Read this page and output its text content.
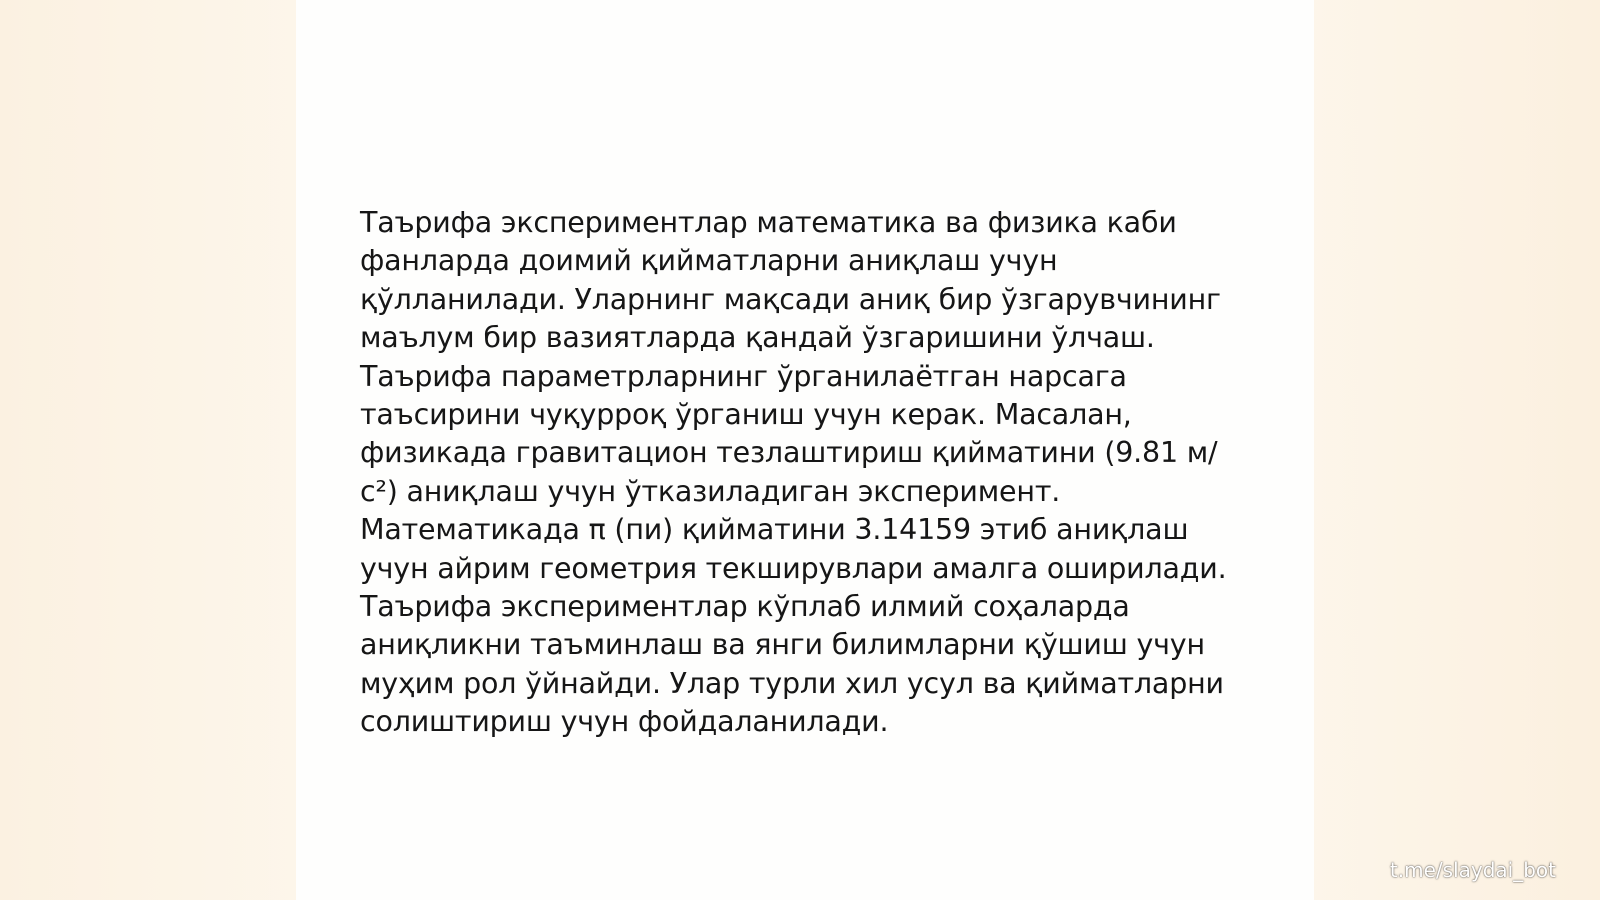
Таърифа экспериментлар математика ва физика каби фанларда доимий қийматларни аниқлаш учун қўлланилади. Уларнинг мақсади аниқ бир ўзгарувчининг маълум бир вазиятларда қандай ўзгаришини ўлчаш. Таърифа параметрларнинг ўрганилаётган нарсага таъсирини чуқурроқ ўрганиш учун керак. Масалан, физикада гравитацион тезлаштириш қийматини (9.81 м/с²) аниқлаш учун ўтказиладиган эксперимент. Математикада π (пи) қийматини 3.14159 этиб аниқлаш учун айрим геометрия текширувлари амалга оширилади. Таърифа экспериментлар кўплаб илмий соҳаларда аниқликни таъминлаш ва янги билимларни қўшиш учун муҳим рол ўйнайди. Улар турли хил усул ва қийматларни солиштириш учун фойдаланилади.

t.me/slaydai_bot
